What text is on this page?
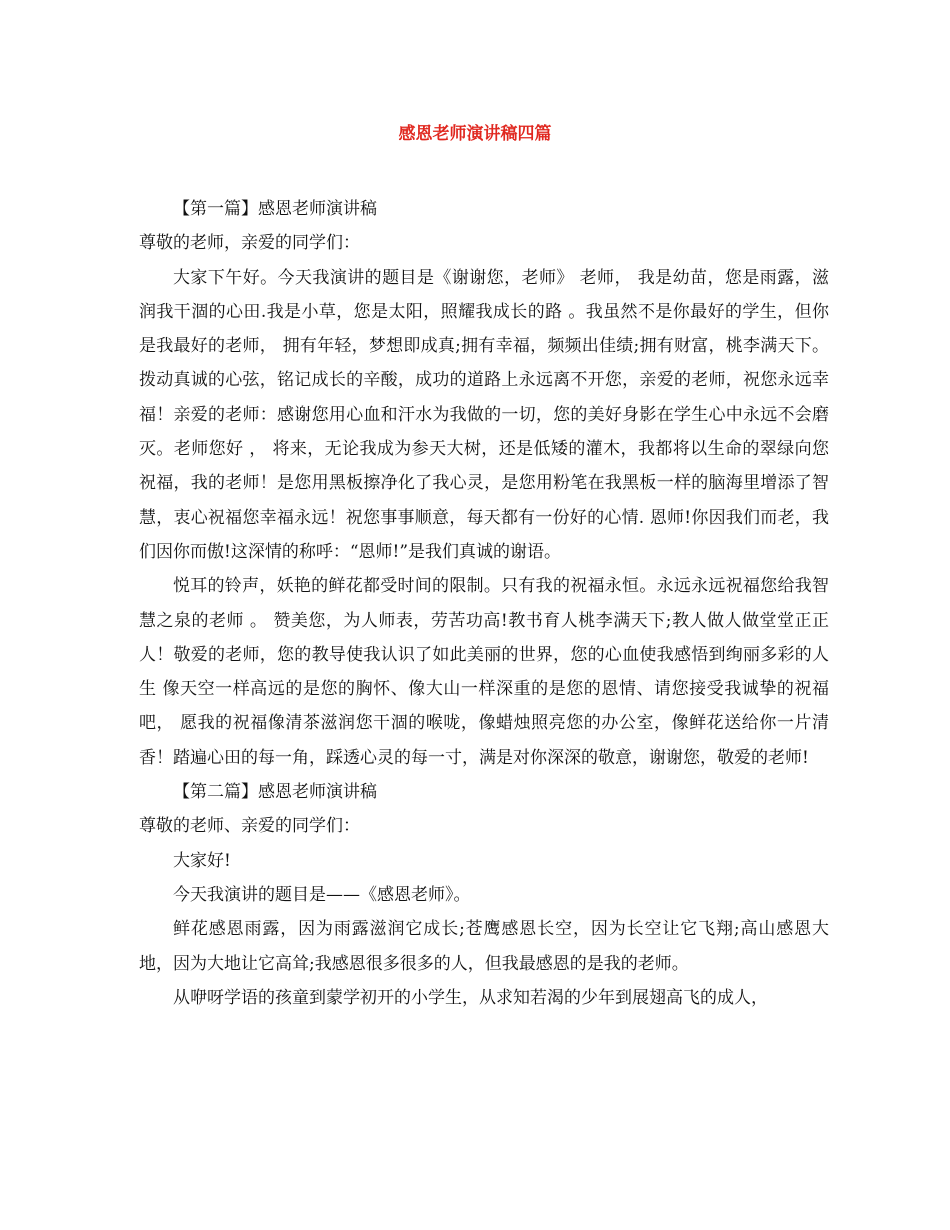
感恩老师演讲稿四篇

【第一篇】感恩老师演讲稿

尊敬的老师，亲爱的同学们：

大家下午好。今天我演讲的题目是《谢谢您，老师》 老师， 我是幼苗，您是雨露，滋润我干涸的心田.我是小草，您是太阳，照耀我成长的路 。我虽然不是你最好的学生，但你是我最好的老师， 拥有年轻，梦想即成真;拥有幸福，频频出佳绩;拥有财富，桃李满天下。拨动真诚的心弦，铭记成长的辛酸，成功的道路上永远离不开您，亲爱的老师，祝您永远幸福！亲爱的老师：感谢您用心血和汗水为我做的一切，您的美好身影在学生心中永远不会磨灭。老师您好 ， 将来，无论我成为参天大树，还是低矮的灌木，我都将以生命的翠绿向您祝福，我的老师！是您用黑板擦净化了我心灵，是您用粉笔在我黑板一样的脑海里增添了智慧，衷心祝福您幸福永远！祝您事事顺意，每天都有一份好的心情. 恩师!你因我们而老，我们因你而傲!这深情的称呼：“恩师!”是我们真诚的谢语。

悦耳的铃声，妖艳的鲜花都受时间的限制。只有我的祝福永恒。永远永远祝福您给我智慧之泉的老师 。 赞美您，为人师表，劳苦功高!教书育人桃李满天下;教人做人做堂堂正正人！敬爱的老师，您的教导使我认识了如此美丽的世界，您的心血使我感悟到绚丽多彩的人生 像天空一样高远的是您的胸怀、像大山一样深重的是您的恩情、请您接受我诚挚的祝福吧， 愿我的祝福像清茶滋润您干涸的喉咙，像蜡烛照亮您的办公室，像鲜花送给你一片清香！踏遍心田的每一角，踩透心灵的每一寸，满是对你深深的敬意，谢谢您，敬爱的老师!

【第二篇】感恩老师演讲稿

尊敬的老师、亲爱的同学们：

大家好!

今天我演讲的题目是——《感恩老师》。

鲜花感恩雨露，因为雨露滋润它成长;苍鹰感恩长空，因为长空让它飞翔;高山感恩大地，因为大地让它高耸;我感恩很多很多的人，但我最感恩的是我的老师。

从咿呀学语的孩童到蒙学初开的小学生，从求知若渴的少年到展翅高飞的成人，
